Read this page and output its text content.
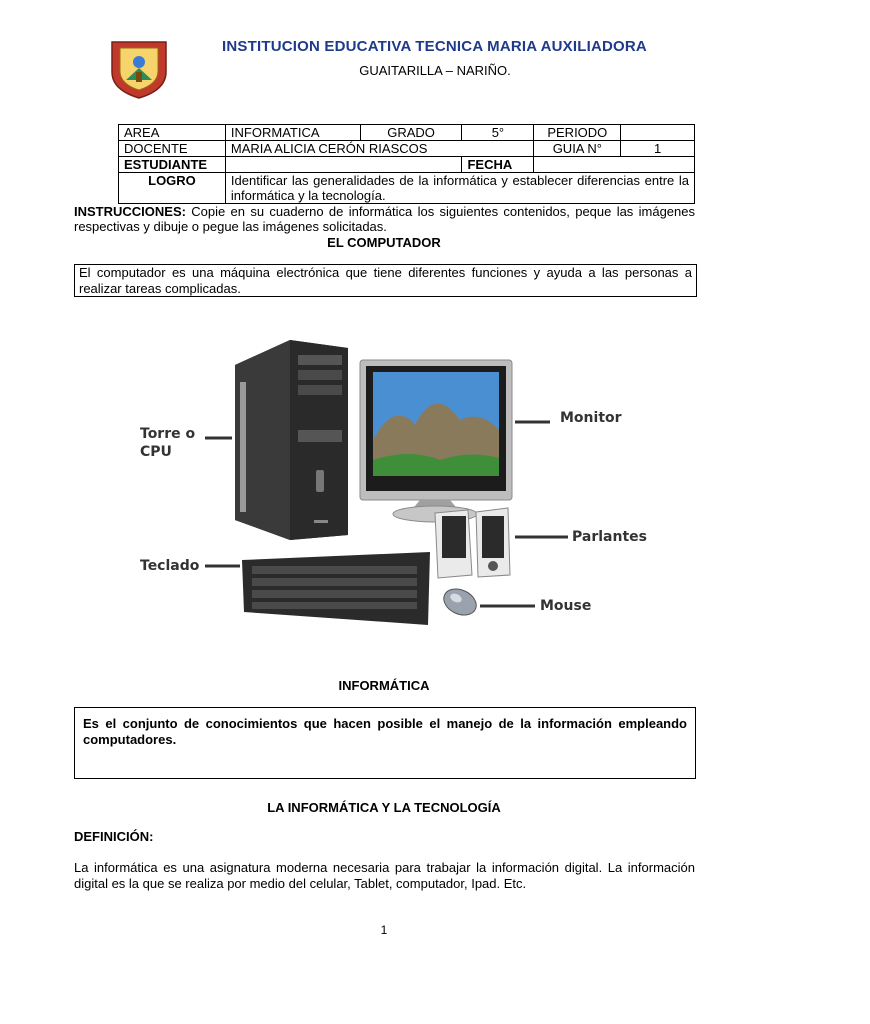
INSTITUCION EDUCATIVA TECNICA MARIA AUXILIADORA
GUAITARILLA – NARIÑO.
AREA	INFORMATICA	GRADO	5°	PERIODO	
DOCENTE	MARIA ALICIA CERÓN RIASCOS			GUIA N°	1
ESTUDIANTE			FECHA		
LOGRO	Identificar las generalidades de la informática y establecer diferencias entre la informática y la tecnología.				
INSTRUCCIONES: Copie en su cuaderno de informática los siguientes contenidos, peque las imágenes respectivas y dibuje o pegue las imágenes solicitadas.
EL COMPUTADOR
El computador es una máquina electrónica que tiene diferentes funciones y ayuda a las personas a realizar tareas complicadas.
Torre o
CPU
Monitor
Parlantes
Teclado
Mouse
INFORMÁTICA
Es el conjunto de conocimientos que hacen posible el manejo de la información empleando computadores.
LA INFORMÁTICA Y LA TECNOLOGÍA
DEFINICIÓN:
La informática es una asignatura moderna necesaria para trabajar la información digital. La información digital es la que se realiza por medio del celular, Tablet, computador, Ipad. Etc.
1
